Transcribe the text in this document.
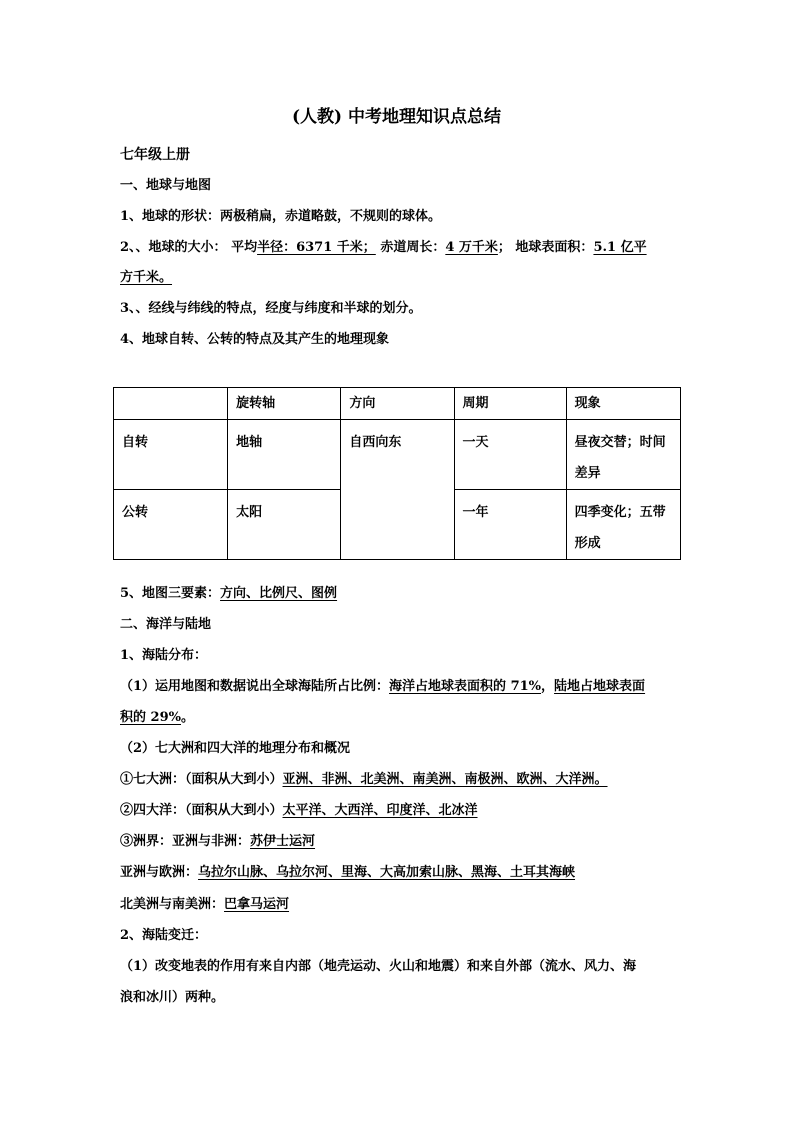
(人教) 中考地理知识点总结
七年级上册
一、地球与地图
1、地球的形状：两极稍扁，赤道略鼓，不规则的球体。
2、、地球的大小： 平均半径：6371 千米； 赤道周长：4 万千米； 地球表面积：5.1 亿平
方千米。
3、、经线与纬线的特点，经度与纬度和半球的划分。
4、地球自转、公转的特点及其产生的地理现象
	旋转轴	方向	周期	现象
自转	地轴	自西向东	一天	昼夜交替；时间差异
公转	太阳		一年	四季变化；五带形成
5、地图三要素：方向、比例尺、图例
二、海洋与陆地
1、海陆分布：
（1）运用地图和数据说出全球海陆所占比例：海洋占地球表面积的 71%，陆地占地球表面
积的 29%。
（2）七大洲和四大洋的地理分布和概况
①七大洲：（面积从大到小）亚洲、非洲、北美洲、南美洲、南极洲、欧洲、大洋洲。
②四大洋：（面积从大到小）太平洋、大西洋、印度洋、北冰洋
③洲界：亚洲与非洲：苏伊士运河
亚洲与欧洲：乌拉尔山脉、乌拉尔河、里海、大高加索山脉、黑海、土耳其海峡
北美洲与南美洲：巴拿马运河
2、海陆变迁：
（1）改变地表的作用有来自内部（地壳运动、火山和地震）和来自外部（流水、风力、海
浪和冰川）两种。
